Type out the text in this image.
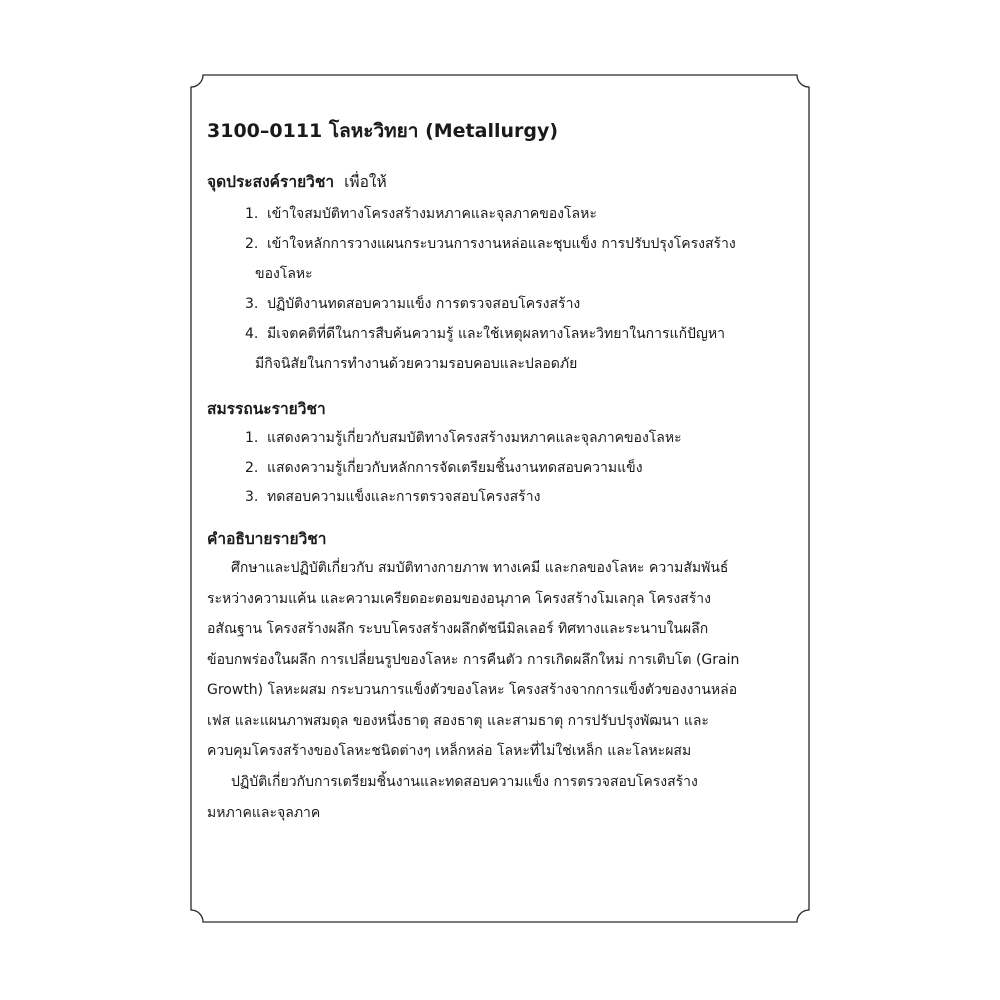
3100–0111 โลหะวิทยา (Metallurgy)
จุดประสงค์รายวิชา เพื่อให้
1. เข้าใจสมบัติทางโครงสร้างมหภาคและจุลภาคของโลหะ
2. เข้าใจหลักการวางแผนกระบวนการงานหล่อและชุบแข็ง การปรับปรุงโครงสร้าง
ของโลหะ
3. ปฏิบัติงานทดสอบความแข็ง การตรวจสอบโครงสร้าง
4. มีเจตคติที่ดีในการสืบค้นความรู้ และใช้เหตุผลทางโลหะวิทยาในการแก้ปัญหา
มีกิจนิสัยในการทำงานด้วยความรอบคอบและปลอดภัย
สมรรถนะรายวิชา
1. แสดงความรู้เกี่ยวกับสมบัติทางโครงสร้างมหภาคและจุลภาคของโลหะ
2. แสดงความรู้เกี่ยวกับหลักการจัดเตรียมชิ้นงานทดสอบความแข็ง
3. ทดสอบความแข็งและการตรวจสอบโครงสร้าง
คำอธิบายรายวิชา
ศึกษาและปฏิบัติเกี่ยวกับ สมบัติทางกายภาพ ทางเคมี และกลของโลหะ ความสัมพันธ์
ระหว่างความแค้น และความเครียดอะตอมของอนุภาค โครงสร้างโมเลกุล โครงสร้าง
อสัณฐาน โครงสร้างผลึก ระบบโครงสร้างผลึกดัชนีมิลเลอร์ ทิศทางและระนาบในผลึก
ข้อบกพร่องในผลึก การเปลี่ยนรูปของโลหะ การคืนตัว การเกิดผลึกใหม่ การเติบโต (Grain
Growth) โลหะผสม กระบวนการแข็งตัวของโลหะ โครงสร้างจากการแข็งตัวของงานหล่อ
เฟส และแผนภาพสมดุล ของหนึ่งธาตุ สองธาตุ และสามธาตุ การปรับปรุงพัฒนา และ
ควบคุมโครงสร้างของโลหะชนิดต่างๆ เหล็กหล่อ โลหะที่ไม่ใช่เหล็ก และโลหะผสม
ปฏิบัติเกี่ยวกับการเตรียมชิ้นงานและทดสอบความแข็ง การตรวจสอบโครงสร้าง
มหภาคและจุลภาค
